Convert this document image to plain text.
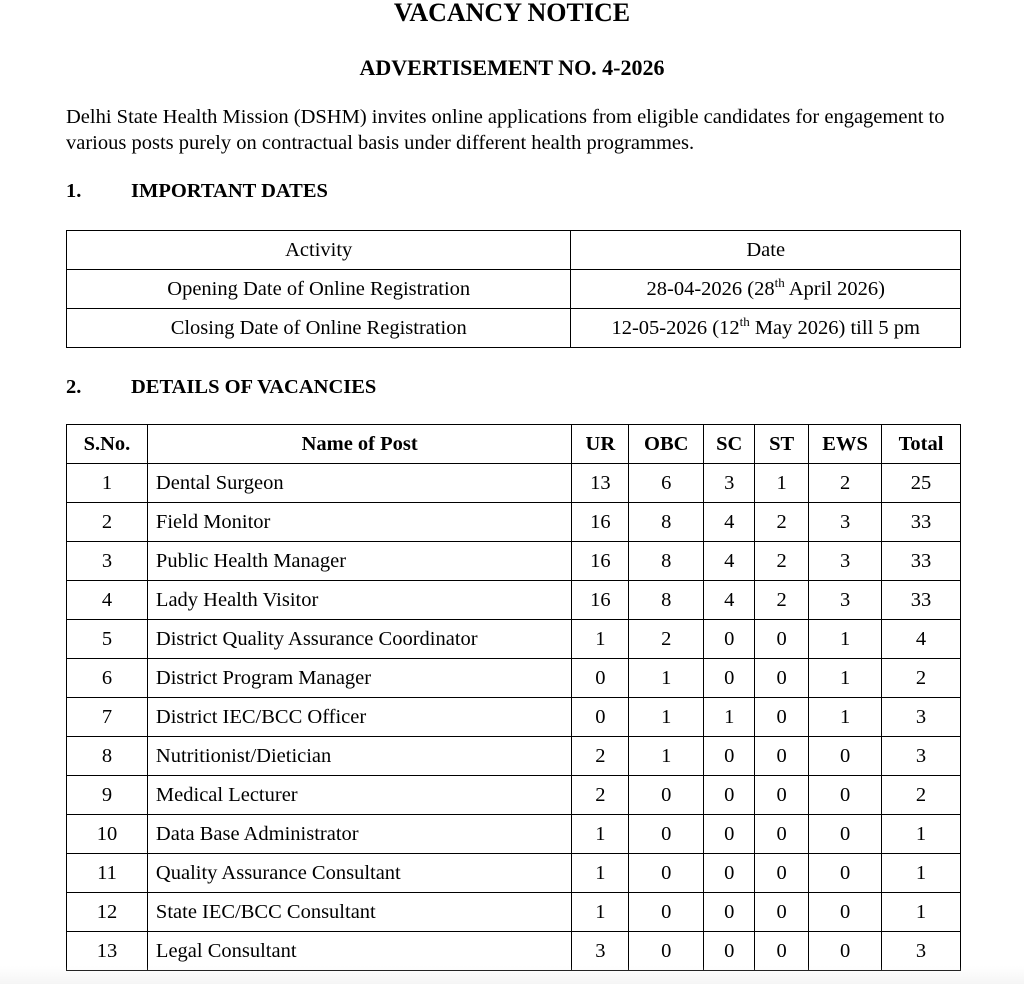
VACANCY NOTICE
ADVERTISEMENT NO. 4-2026
Delhi State Health Mission (DSHM) invites online applications from eligible candidates for engagement to various posts purely on contractual basis under different health programmes.
1. IMPORTANT DATES
Activity	Date
Opening Date of Online Registration	28-04-2026 (28th April 2026)
Closing Date of Online Registration	12-05-2026 (12th May 2026) till 5 pm
2. DETAILS OF VACANCIES
S.No.	Name of Post	UR	OBC	SC	ST	EWS	Total
1	Dental Surgeon	13	6	3	1	2	25
2	Field Monitor	16	8	4	2	3	33
3	Public Health Manager	16	8	4	2	3	33
4	Lady Health Visitor	16	8	4	2	3	33
5	District Quality Assurance Coordinator	1	2	0	0	1	4
6	District Program Manager	0	1	0	0	1	2
7	District IEC/BCC Officer	0	1	1	0	1	3
8	Nutritionist/Dietician	2	1	0	0	0	3
9	Medical Lecturer	2	0	0	0	0	2
10	Data Base Administrator	1	0	0	0	0	1
11	Quality Assurance Consultant	1	0	0	0	0	1
12	State IEC/BCC Consultant	1	0	0	0	0	1
13	Legal Consultant	3	0	0	0	0	3
